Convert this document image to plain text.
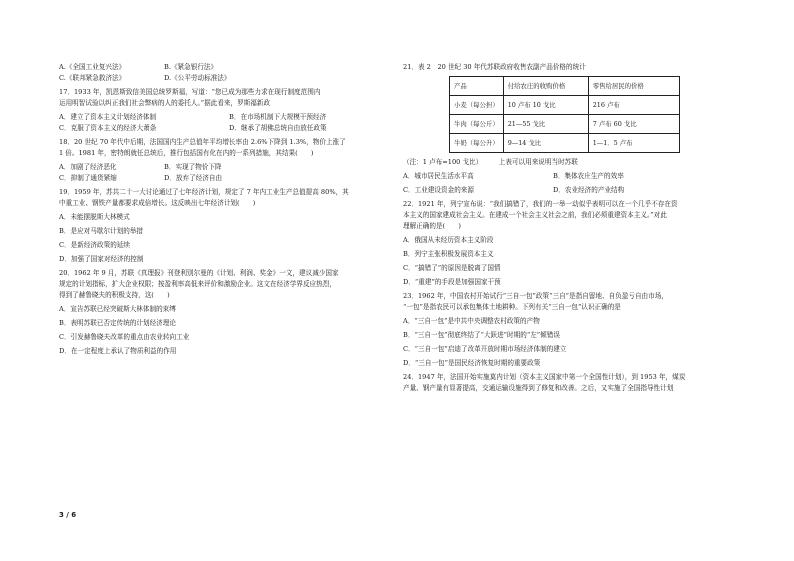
A.《全国工业复兴法》	B.《紧急银行法》
C.《联邦紧急救济法》	D.《公平劳动标准法》
17．1933 年，凯恩斯致信美国总统罗斯福，写道：“您已成为那些力求在现行制度范围内
运用明智试验以纠正我们社会弊病的人的委托人。”据此看来，罗斯福新政
A．建立了资本主义计划经济体制	B．在市场机制下大规模干预经济
C．克服了资本主义的经济大萧条	D．继承了胡佛总统自由放任政策
18．20 世纪 70 年代中后期，法国国内生产总值年平均增长率由 2.6%下降到 1.3%，物价上涨了
1 倍。1981 年，密特朗就任总统后，推行包括国有化在内的一系列措施，其结果(　　)
A．加剧了经济恶化	B．实现了物价下降
C．抑制了通货紧缩	D．放弃了经济自由
19．1959 年，苏共二十一大讨论通过了七年经济计划，规定了 7 年内工业生产总值提高 80%，其
中重工业、钢铁产量都要求成倍增长。这反映出七年经济计划(　　)
A．未能摆脱斯大林模式
B．是应对马歇尔计划的举措
C．是新经济政策的延续
D．加强了国家对经济的控制
20．1962 年 9 月，苏联《真理报》刊登利别尔曼的《计划、利润、奖金》一文，建议减少国家
规定的计划指标，扩大企业权限；按盈利率高低来评价和激励企业。这文在经济学界反应热烈，
得到了赫鲁晓夫的积极支持，这(　　)
A．宣告苏联已经突破斯大林体制的束缚
B．表明苏联已否定传统的计划经济理论
C．引发赫鲁晓夫改革的重点由农业转向工业
D．在一定程度上承认了物质利益的作用
21．表 2　20 世纪 30 年代苏联政府收售农副产品价格的统计
产品	付给农庄的收购价格	零售给居民的价格
小麦（每公担）	10 卢布 10 戈比	216 卢布
牛肉（每公斤）	21—55 戈比	7 卢布 60 戈比
牛奶（每公升）	9—14 戈比	1—1．5 卢布
（注：1 卢布=100 戈比）　　　上表可以用来说明当时苏联
A．城市居民生活水平高	B．集体农庄生产的效率
C．工业建设资金的来源	D．农业经济的产业结构
22．1921 年，列宁宣布说：“我们搞错了，我们的一举一动似乎表明可以在一个几乎不存在资
本主义的国家建成社会主义。在建成一个社会主义社会之前，我们必须重建资本主义。”对此
理解正确的是(　　)
A．俄国从未经历资本主义阶段
B．列宁主张积极发展资本主义
C．“搞错了”的原因是脱离了国情
D．“重建”的手段是加强国家干预
23．1962 年，中国农村开始试行“三自一包”政策“三自”是指自留地、自负盈亏自由市场，
“一包”是指农民可以承包集体土地耕种。下列有关“三自一包”认识正确的是
A．“三自一包”是中共中央调整农村政策的产物
B．“三自一包”彻底终结了“大跃进”时期的“左”倾错误
C．“三自一包”启迪了改革开放时期市场经济体制的建立
D．“三自一包”是国民经济恢复时期的重要政策
24．1947 年，法国开始实施莫内计划（资本主义国家中第一个全国性计划），到 1953 年，煤炭
产量、钢产量有显著提高，交通运输设施得到了修复和改善。之后，又实施了全国指导性计划
3 / 6
